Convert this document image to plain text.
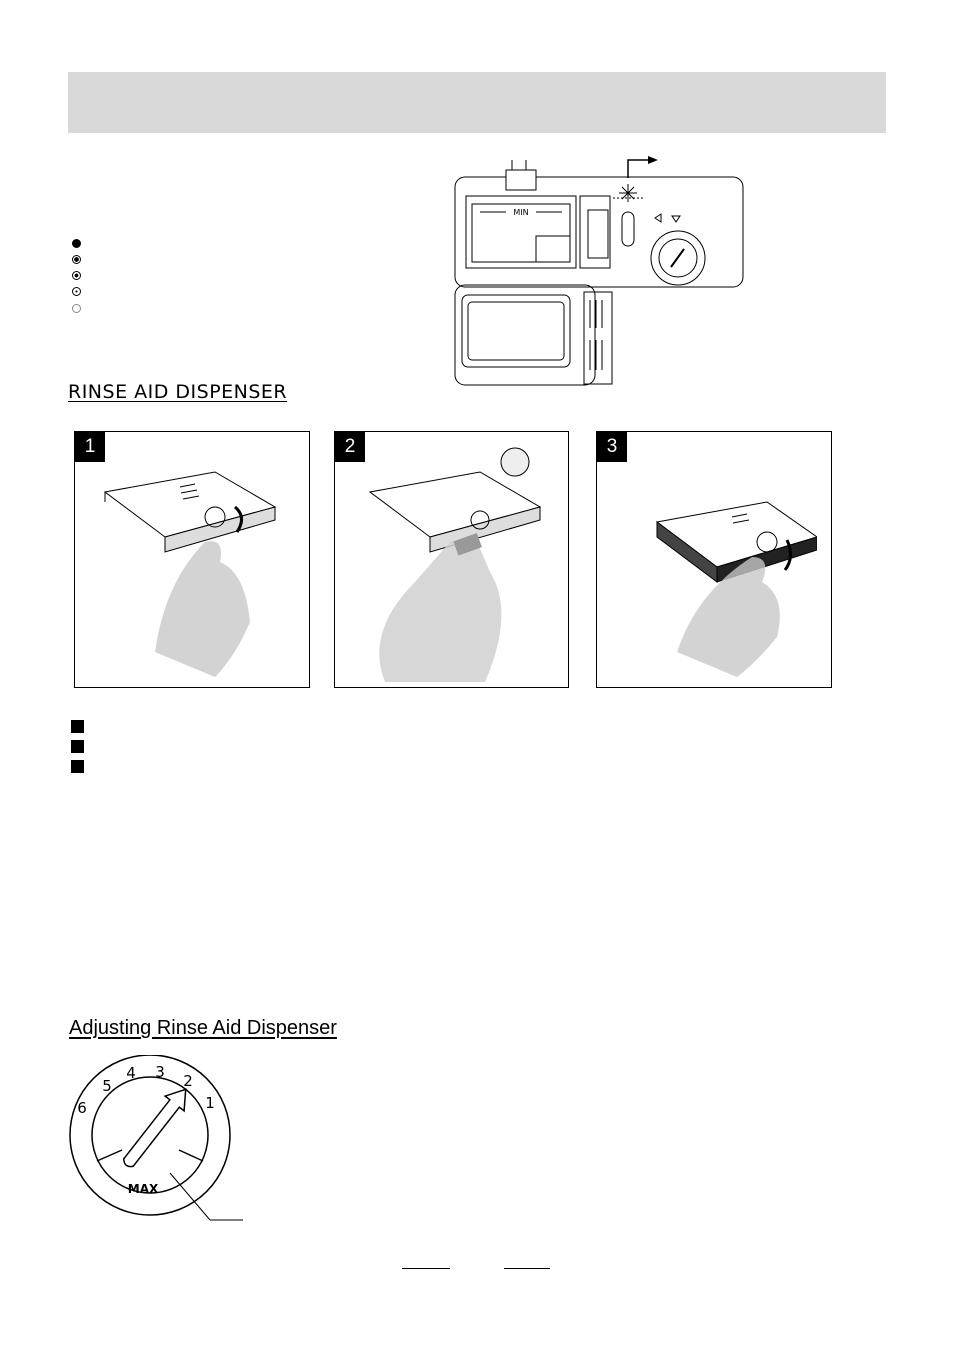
MIN
RINSE AID DISPENSER
1	2	3
Adjusting Rinse Aid Dispenser
6
5
4 3 2
1
MAX
